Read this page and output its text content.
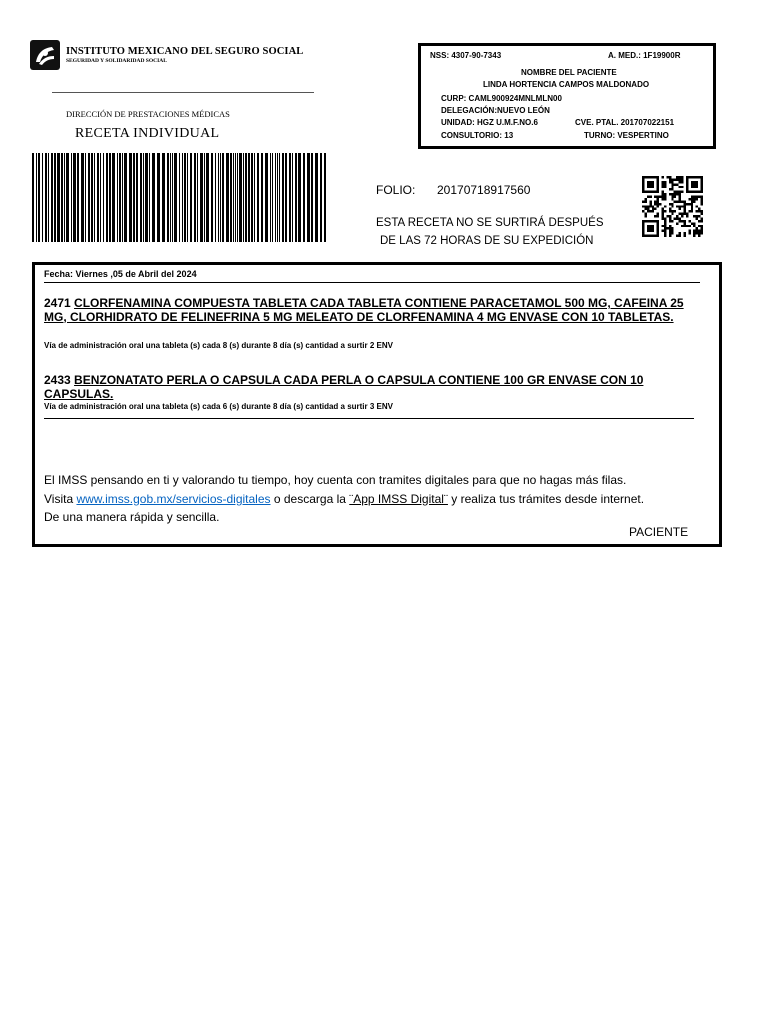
INSTITUTO MEXICANO DEL SEGURO SOCIAL
SEGURIDAD Y SOLIDARIDAD SOCIAL
DIRECCIÓN DE PRESTACIONES MÉDICAS
RECETA INDIVIDUAL
NSS: 4307-90-7343	A. MED.: 1F19900R
NOMBRE DEL PACIENTE
LINDA HORTENCIA CAMPOS MALDONADO
CURP: CAML900924MNLMLN00
DELEGACIÓN:NUEVO LEÓN
UNIDAD: HGZ U.M.F.NO.6	CVE. PTAL. 201707022151
CONSULTORIO: 13	TURNO: VESPERTINO
FOLIO: 20170718917560
ESTA RECETA NO SE SURTIRÁ DESPUÉS
DE LAS 72 HORAS DE SU EXPEDICIÓN
Fecha: Viernes ,05 de Abril del 2024
2471 CLORFENAMINA COMPUESTA TABLETA CADA TABLETA CONTIENE PARACETAMOL 500 MG, CAFEINA 25 MG, CLORHIDRATO DE FELINEFRINA 5 MG MELEATO DE CLORFENAMINA 4 MG ENVASE CON 10 TABLETAS.
Vía de administración oral una tableta (s) cada 8 (s) durante 8 día (s) cantidad a surtir 2 ENV
2433 BENZONATATO PERLA O CAPSULA CADA PERLA O CAPSULA CONTIENE 100 GR ENVASE CON 10 CAPSULAS.
Vía de administración oral una tableta (s) cada 6 (s) durante 8 día (s) cantidad a surtir 3 ENV
El IMSS pensando en ti y valorando tu tiempo, hoy cuenta con tramites digitales para que no hagas más filas.
Visita www.imss.gob.mx/servicios-digitales o descarga la ¨App IMSS Digital¨ y realiza tus trámites desde internet.
De una manera rápida y sencilla.
PACIENTE
